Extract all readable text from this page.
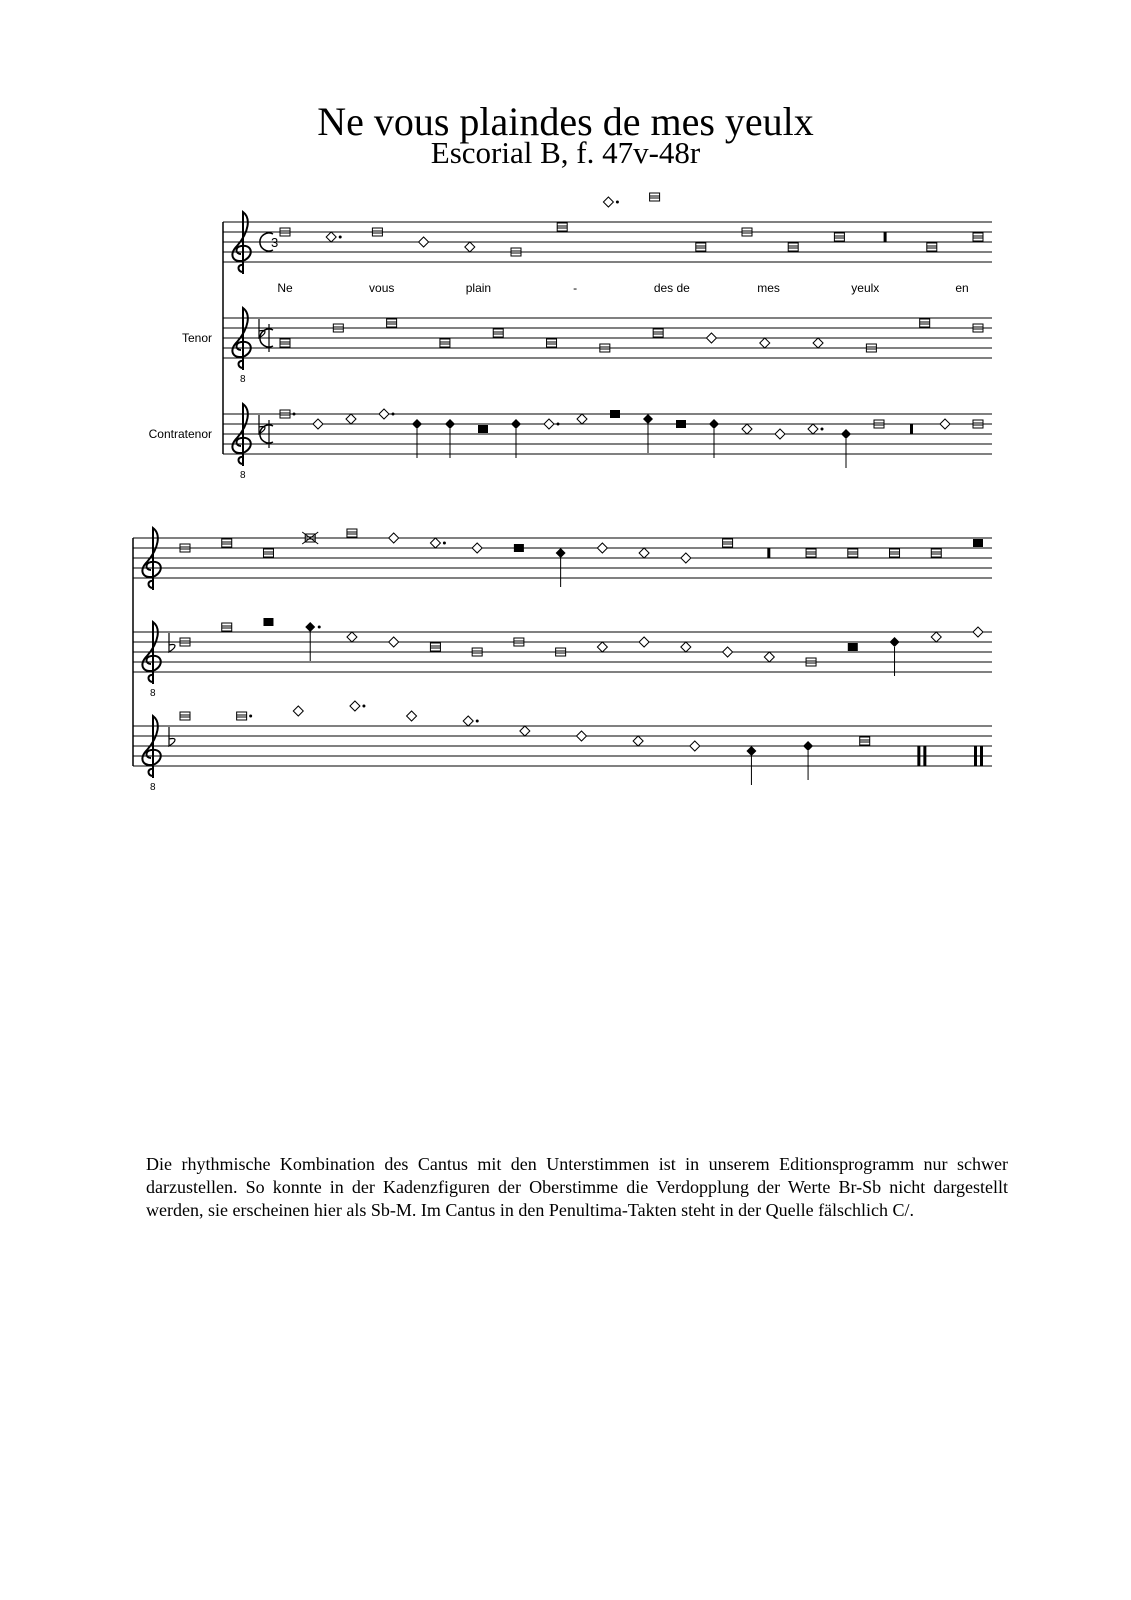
Ne vous plaindes de mes yeulx
Escorial B, f. 47v-48r
3
8
8
Tenor
Contratenor
Ne	vous	plain	-	des de	mes	yeulx	en
8
8
Die rhythmische Kombination des Cantus mit den Unterstimmen ist in unserem Editionsprogramm nur schwer darzustellen. So konnte in der Kadenzfiguren der Oberstimme die Verdopplung der Werte Br-Sb nicht dargestellt werden, sie erscheinen hier als Sb-M. Im Cantus in den Penultima-Takten steht in der Quelle fälschlich C/.
